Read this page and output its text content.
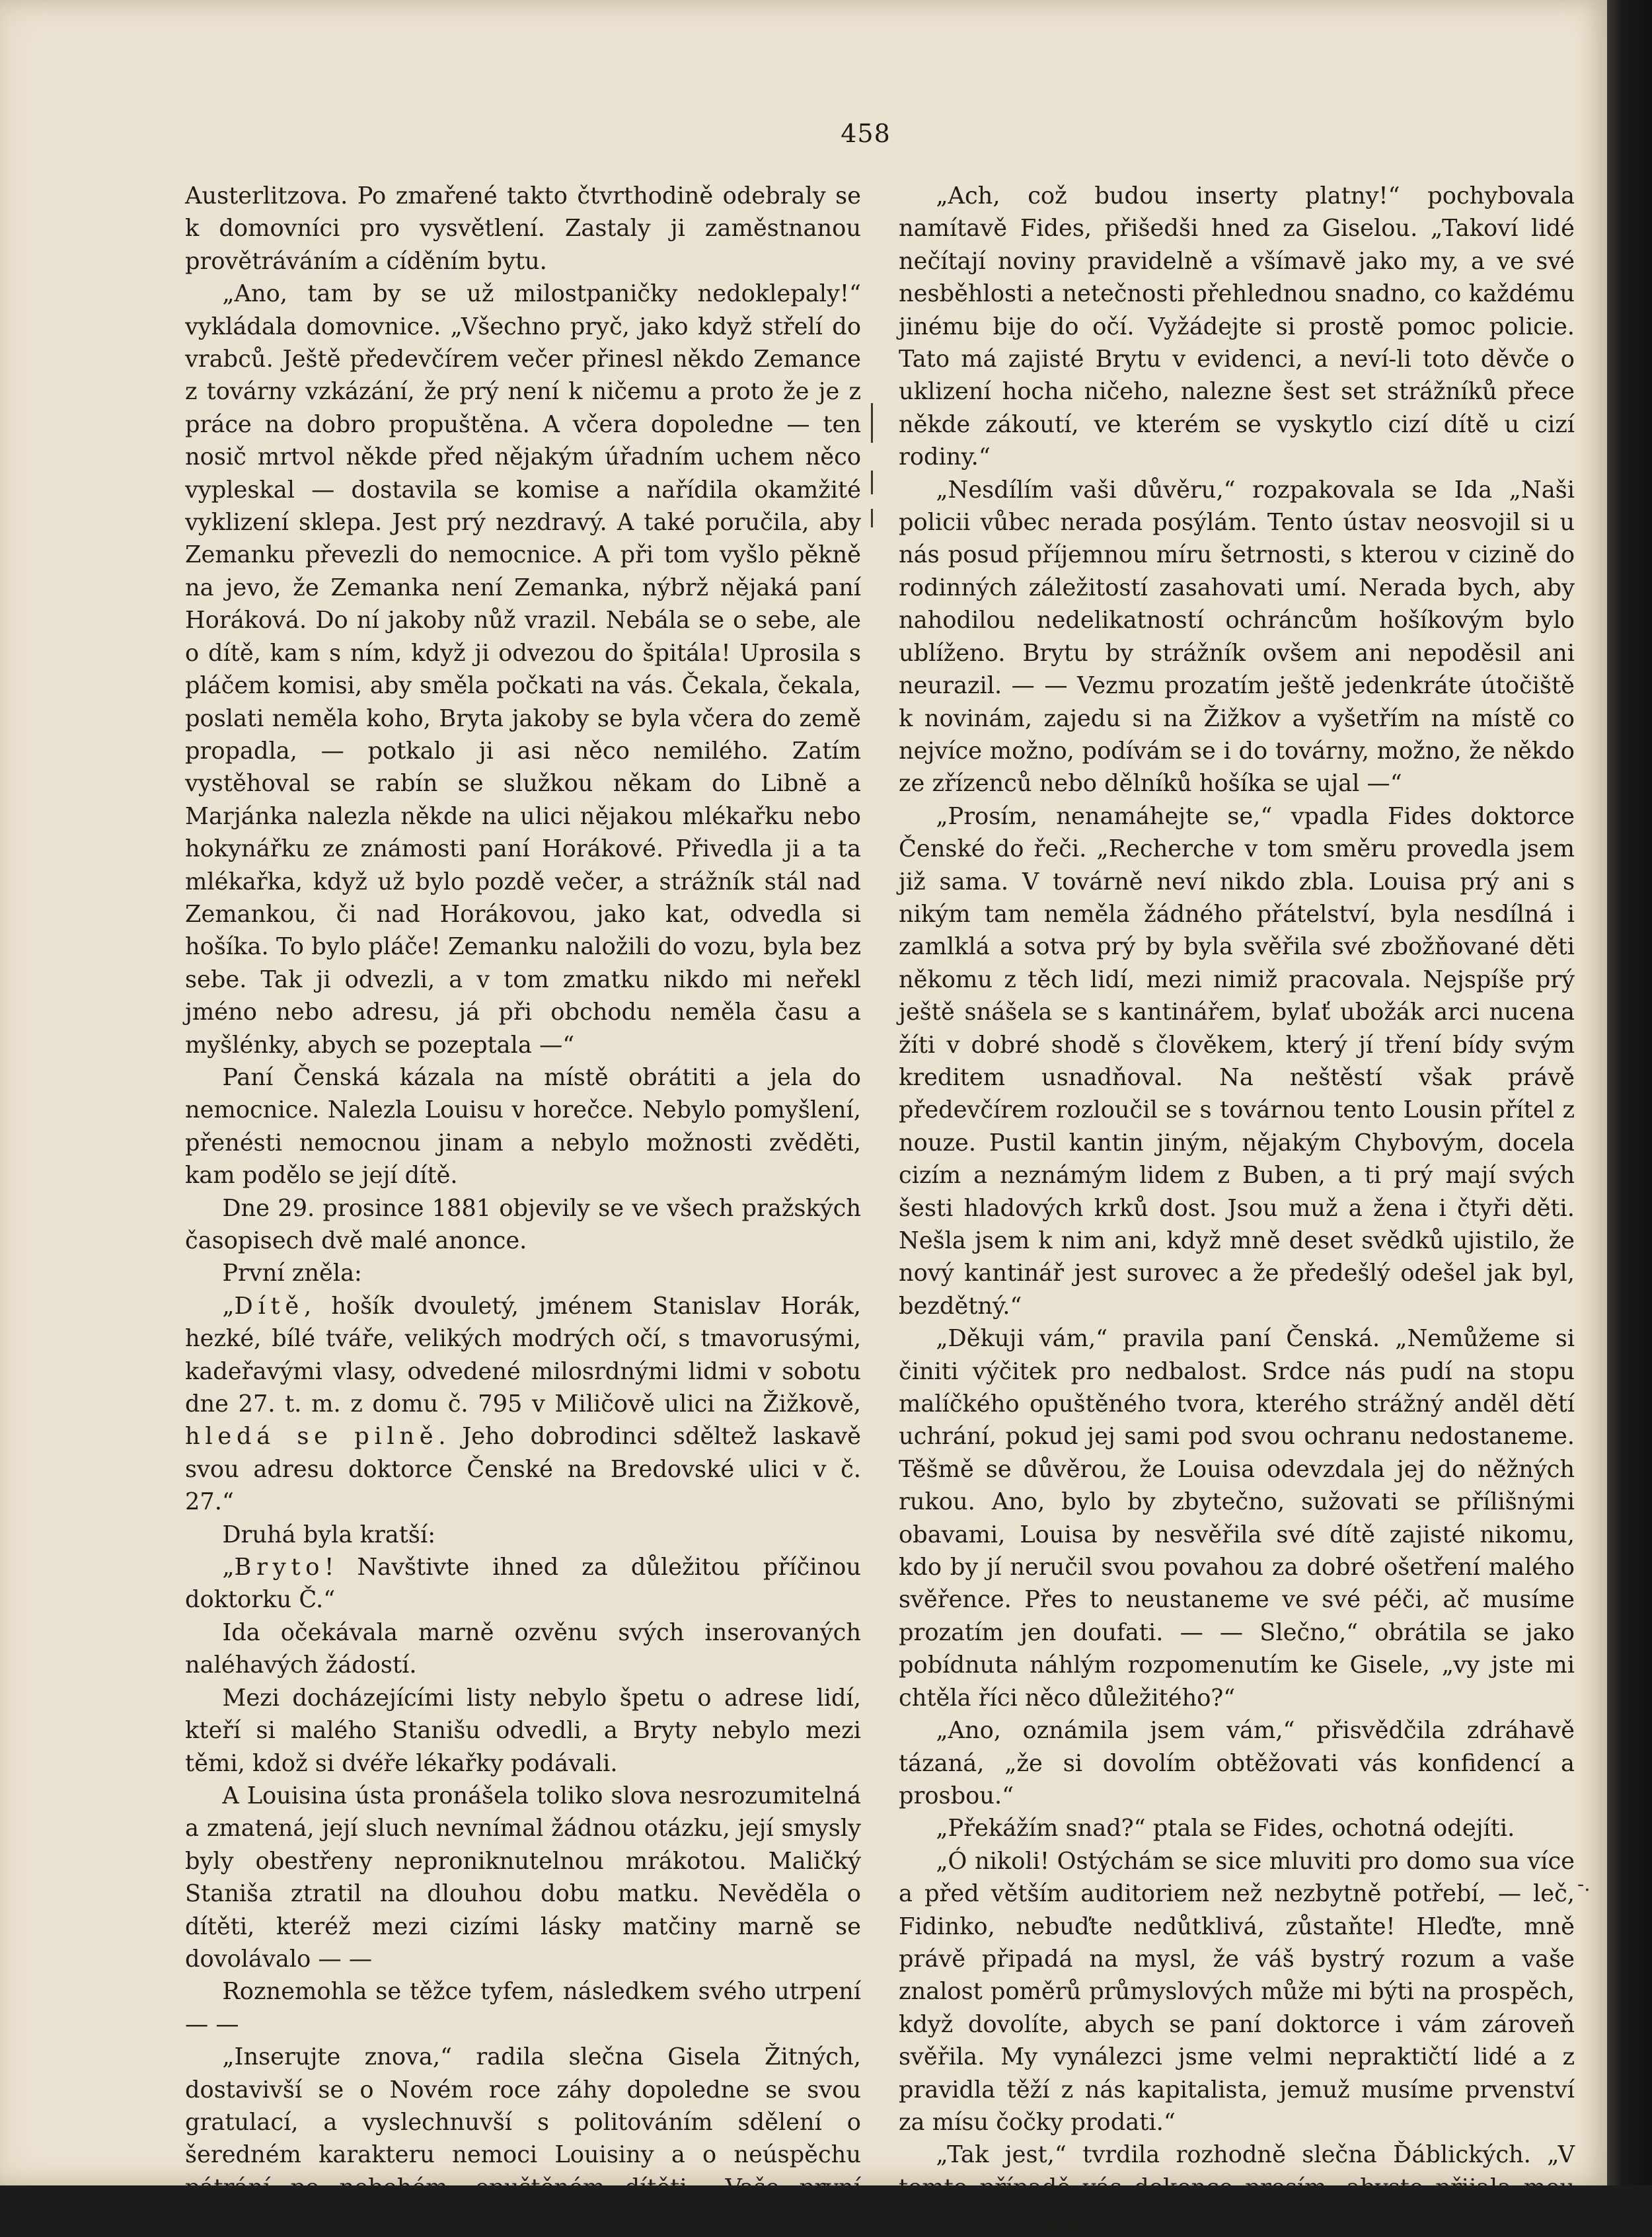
458

Austerlitzova. Po zmařené takto čtvrthodině odebraly se k domovníci pro vysvětlení. Zastaly ji zaměstnanou provětráváním a cíděním bytu.

„Ano, tam by se už milostpaničky nedoklepaly!“ vykládala domovnice. „Všechno pryč, jako když střelí do vrabců. Ještě předevčírem večer přinesl někdo Zemance z továrny vzkázání, že prý není k ničemu a proto že je z práce na dobro propuštěna. A včera dopoledne — ten nosič mrtvol někde před nějakým úřadním uchem něco vypleskal — dostavila se komise a nařídila okamžité vyklizení sklepa. Jest prý nezdravý. A také poručila, aby Zemanku převezli do nemocnice. A při tom vyšlo pěkně na jevo, že Zemanka není Zemanka, nýbrž nějaká paní Horáková. Do ní jakoby nůž vrazil. Nebála se o sebe, ale o dítě, kam s ním, když ji odvezou do špitála! Uprosila s pláčem komisi, aby směla počkati na vás. Čekala, čekala, poslati neměla koho, Bryta jakoby se byla včera do země propadla, — potkalo ji asi něco nemilého. Zatím vystěhoval se rabín se služkou někam do Libně a Marjánka nalezla někde na ulici nějakou mlékařku nebo hokynářku ze známosti paní Horákové. Přivedla ji a ta mlékařka, když už bylo pozdě večer, a strážník stál nad Zemankou, či nad Horákovou, jako kat, odvedla si hošíka. To bylo pláče! Zemanku naložili do vozu, byla bez sebe. Tak ji odvezli, a v tom zmatku nikdo mi neřekl jméno nebo adresu, já při obchodu neměla času a myšlénky, abych se pozeptala —“

Paní Čenská kázala na místě obrátiti a jela do nemocnice. Nalezla Louisu v horečce. Nebylo pomyšlení, přenésti nemocnou jinam a nebylo možnosti zvěděti, kam podělo se její dítě.

Dne 29. prosince 1881 objevily se ve všech pražských časopisech dvě malé anonce.

První zněla:

„Dítě, hošík dvouletý, jménem Stanislav Horák, hezké, bílé tváře, velikých modrých očí, s tmavorusými, kadeřavými vlasy, odvedené milosrdnými lidmi v sobotu dne 27. t. m. z domu č. 795 v Miličově ulici na Žižkově, hledá se pilně. Jeho dobrodinci sděltež laskavě svou adresu doktorce Čenské na Bredovské ulici v č. 27.“

Druhá byla kratší:

„Bryto! Navštivte ihned za důležitou příčinou doktorku Č.“

Ida očekávala marně ozvěnu svých inserovaných naléhavých žádostí.

Mezi docházejícími listy nebylo špetu o adrese lidí, kteří si malého Stanišu odvedli, a Bryty nebylo mezi těmi, kdož si dvéře lékařky podávali.

A Louisina ústa pronášela toliko slova nesrozumitelná a zmatená, její sluch nevnímal žádnou otázku, její smysly byly obestřeny neproniknutelnou mrákotou. Maličký Staniša ztratil na dlouhou dobu matku. Nevěděla o dítěti, kteréž mezi cizími lásky matčiny marně se dovolávalo — —

Roznemohla se těžce tyfem, následkem svého utrpení — —

„Inserujte znova,“ radila slečna Gisela Žitných, dostavivší se o Novém roce záhy dopoledne se svou gratulací, a vyslechnuvší s politováním sdělení o šeredném karakteru nemoci Louisiny a o neúspěchu pátrání po nebohém, opuštěném dítěti. „Vaše první anonce ztratily se asi ve spoustě novoročních návěští —“

„Ach, což budou inserty platny!“ pochybovala namítavě Fides, přišedši hned za Giselou. „Takoví lidé nečítají noviny pravidelně a všímavě jako my, a ve své nesběhlosti a netečnosti přehlednou snadno, co každému jinému bije do očí. Vyžádejte si prostě pomoc policie. Tato má zajisté Brytu v evidenci, a neví-li toto děvče o uklizení hocha ničeho, nalezne šest set strážníků přece někde zákoutí, ve kterém se vyskytlo cizí dítě u cizí rodiny.“

„Nesdílím vaši důvěru,“ rozpakovala se Ida „Naši policii vůbec nerada posýlám. Tento ústav neosvojil si u nás posud příjemnou míru šetrnosti, s kterou v cizině do rodinných záležitostí zasahovati umí. Nerada bych, aby nahodilou nedelikatností ochráncům hošíkovým bylo ublíženo. Brytu by strážník ovšem ani nepoděsil ani neurazil. — — Vezmu prozatím ještě jedenkráte útočiště k novinám, zajedu si na Žižkov a vyšetřím na místě co nejvíce možno, podívám se i do továrny, možno, že někdo ze zřízenců nebo dělníků hošíka se ujal —“

„Prosím, nenamáhejte se,“ vpadla Fides doktorce Čenské do řeči. „Recherche v tom směru provedla jsem již sama. V továrně neví nikdo zbla. Louisa prý ani s nikým tam neměla žádného přátelství, byla nesdílná i zamlklá a sotva prý by byla svěřila své zbožňované děti někomu z těch lidí, mezi nimiž pracovala. Nejspíše prý ještě snášela se s kantinářem, bylať ubožák arci nucena žíti v dobré shodě s člověkem, který jí tření bídy svým kreditem usnadňoval. Na neštěstí však právě předevčírem rozloučil se s továrnou tento Lousin přítel z nouze. Pustil kantin jiným, nějakým Chybovým, docela cizím a neznámým lidem z Buben, a ti prý mají svých šesti hladových krků dost. Jsou muž a žena i čtyři děti. Nešla jsem k nim ani, když mně deset svědků ujistilo, že nový kantinář jest surovec a že předešlý odešel jak byl, bezdětný.“

„Děkuji vám,“ pravila paní Čenská. „Nemůžeme si činiti výčitek pro nedbalost. Srdce nás pudí na stopu malíčkého opuštěného tvora, kterého strážný anděl dětí uchrání, pokud jej sami pod svou ochranu nedostaneme. Těšmě se důvěrou, že Louisa odevzdala jej do něžných rukou. Ano, bylo by zbytečno, sužovati se přílišnými obavami, Louisa by nesvěřila své dítě zajisté nikomu, kdo by jí neručil svou povahou za dobré ošetření malého svěřence. Přes to neustaneme ve své péči, ač musíme prozatím jen doufati. — — Slečno,“ obrátila se jako pobídnuta náhlým rozpomenutím ke Gisele, „vy jste mi chtěla říci něco důležitého?“

„Ano, oznámila jsem vám,“ přisvědčila zdráhavě tázaná, „že si dovolím obtěžovati vás konfidencí a prosbou.“

„Překážím snad?“ ptala se Fides, ochotná odejíti.

„Ó nikoli! Ostýchám se sice mluviti pro domo sua více a před větším auditoriem než nezbytně potřebí, — leč, Fidinko, nebuďte nedůtklivá, zůstaňte! Hleďte, mně právě připadá na mysl, že váš bystrý rozum a vaše znalost poměrů průmyslových může mi býti na prospěch, když dovolíte, abych se paní doktorce i vám zároveň svěřila. My vynálezci jsme velmi nepraktičtí lidé a z pravidla těží z nás kapitalista, jemuž musíme prvenství za mísu čočky prodati.“

„Tak jest,“ tvrdila rozhodně slečna Ďáblických. „V tomto případě vás dokonce prosím, abyste přijala mou radu a po případě i pomoc, aby zachováu byl práci

-.
